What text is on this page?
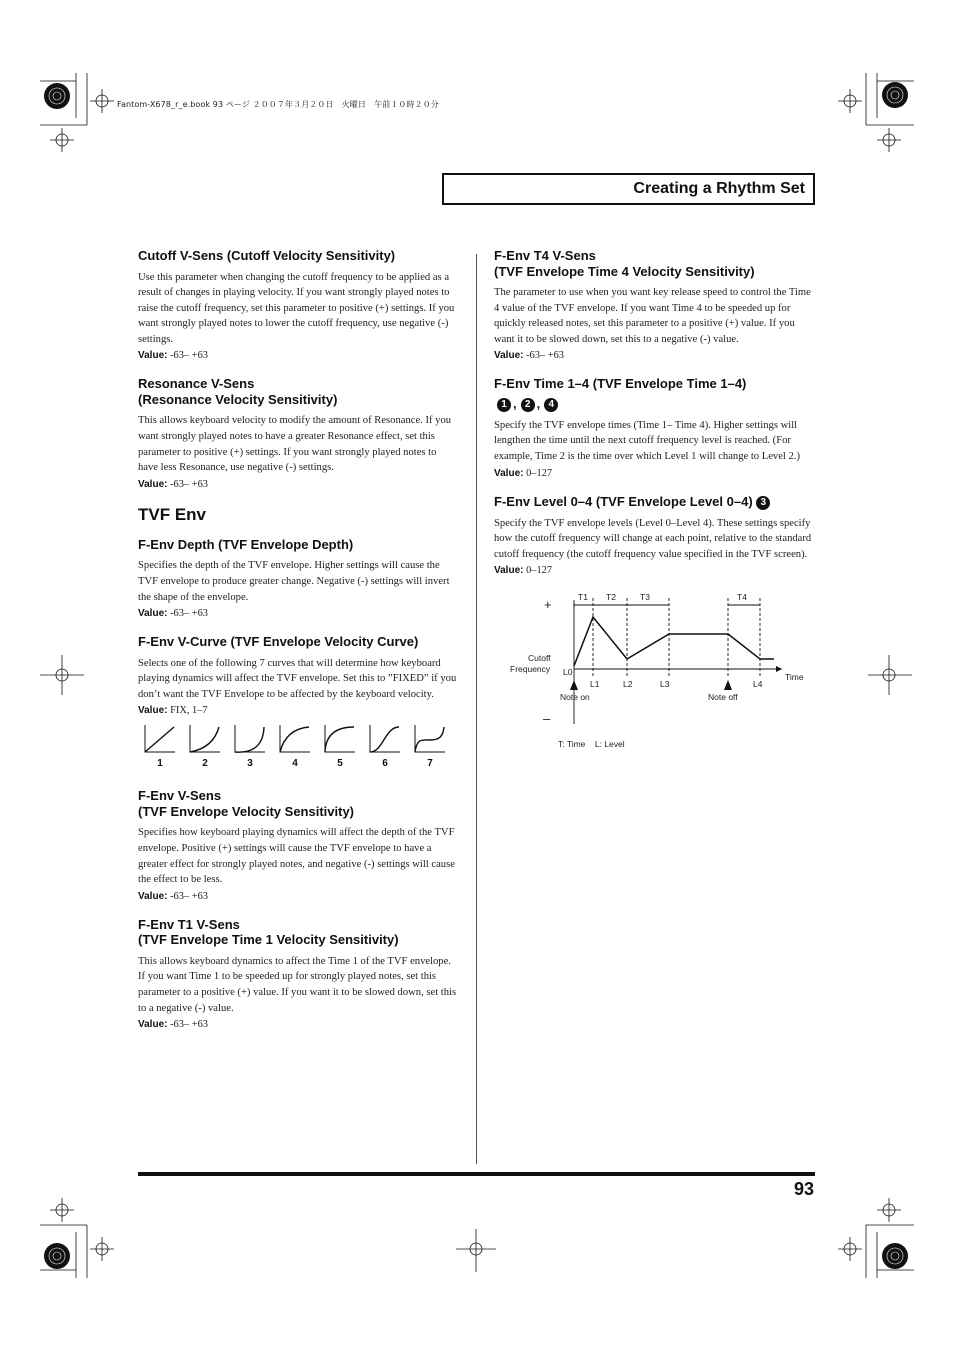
Fantom-X678_r_e.book 93 ページ ２００７年３月２０日　火曜日　午前１０時２０分
Creating a Rhythm Set
Cutoff V-Sens (Cutoff Velocity Sensitivity)

Use this parameter when changing the cutoff frequency to be applied as a result of changes in playing velocity. If you want strongly played notes to raise the cutoff frequency, set this parameter to positive (+) settings. If you want strongly played notes to lower the cutoff frequency, use negative (-) settings.

Value: -63– +63

Resonance V-Sens
(Resonance Velocity Sensitivity)

This allows keyboard velocity to modify the amount of Resonance. If you want strongly played notes to have a greater Resonance effect, set this parameter to positive (+) settings. If you want strongly played notes to have less Resonance, use negative (-) settings.

Value: -63– +63

TVF Env
F-Env Depth (TVF Envelope Depth)

Specifies the depth of the TVF envelope. Higher settings will cause the TVF envelope to produce greater change. Negative (-) settings will invert the shape of the envelope.

Value: -63– +63

F-Env V-Curve (TVF Envelope Velocity Curve)

Selects one of the following 7 curves that will determine how keyboard playing dynamics will affect the TVF envelope. Set this to ”FIXED” if you don’t want the TVF Envelope to be affected by the keyboard velocity.

Value: FIX, 1–7

1	2	3	4	5	6	7
F-Env V-Sens
(TVF Envelope Velocity Sensitivity)

Specifies how keyboard playing dynamics will affect the depth of the TVF envelope. Positive (+) settings will cause the TVF envelope to have a greater effect for strongly played notes, and negative (-) settings will cause the effect to be less.

Value: -63– +63

F-Env T1 V-Sens
(TVF Envelope Time 1 Velocity Sensitivity)

This allows keyboard dynamics to affect the Time 1 of the TVF envelope. If you want Time 1 to be speeded up for strongly played notes, set this parameter to a positive (+) value. If you want it to be slowed down, set this to a negative (-) value.

Value: -63– +63

F-Env T4 V-Sens
(TVF Envelope Time 4 Velocity Sensitivity)

The parameter to use when you want key release speed to control the Time 4 value of the TVF envelope. If you want Time 4 to be speeded up for quickly released notes, set this parameter to a positive (+) value. If you want it to be slowed down, set this to a negative (-) value.

Value: -63– +63

F-Env Time 1–4 (TVF Envelope Time 1–4)
1 , 2 , 4

Specify the TVF envelope times (Time 1– Time 4). Higher settings will lengthen the time until the next cutoff frequency level is reached. (For example, Time 2 is the time over which Level 1 will change to Level 2.)

Value: 0–127

F-Env Level 0–4 (TVF Envelope Level 0–4) 3

Specify the TVF envelope levels (Level 0–Level 4). These settings specify how the cutoff frequency will change at each point, relative to the standard cutoff frequency (the cutoff frequency value specified in the TVF screen).

Value: 0–127

+
–
T1 T2	T3	T4
Cutoff
Frequency L0
L1	L2	L3	L4
Time
Note on	Note off
T: Time    L: Level
93
